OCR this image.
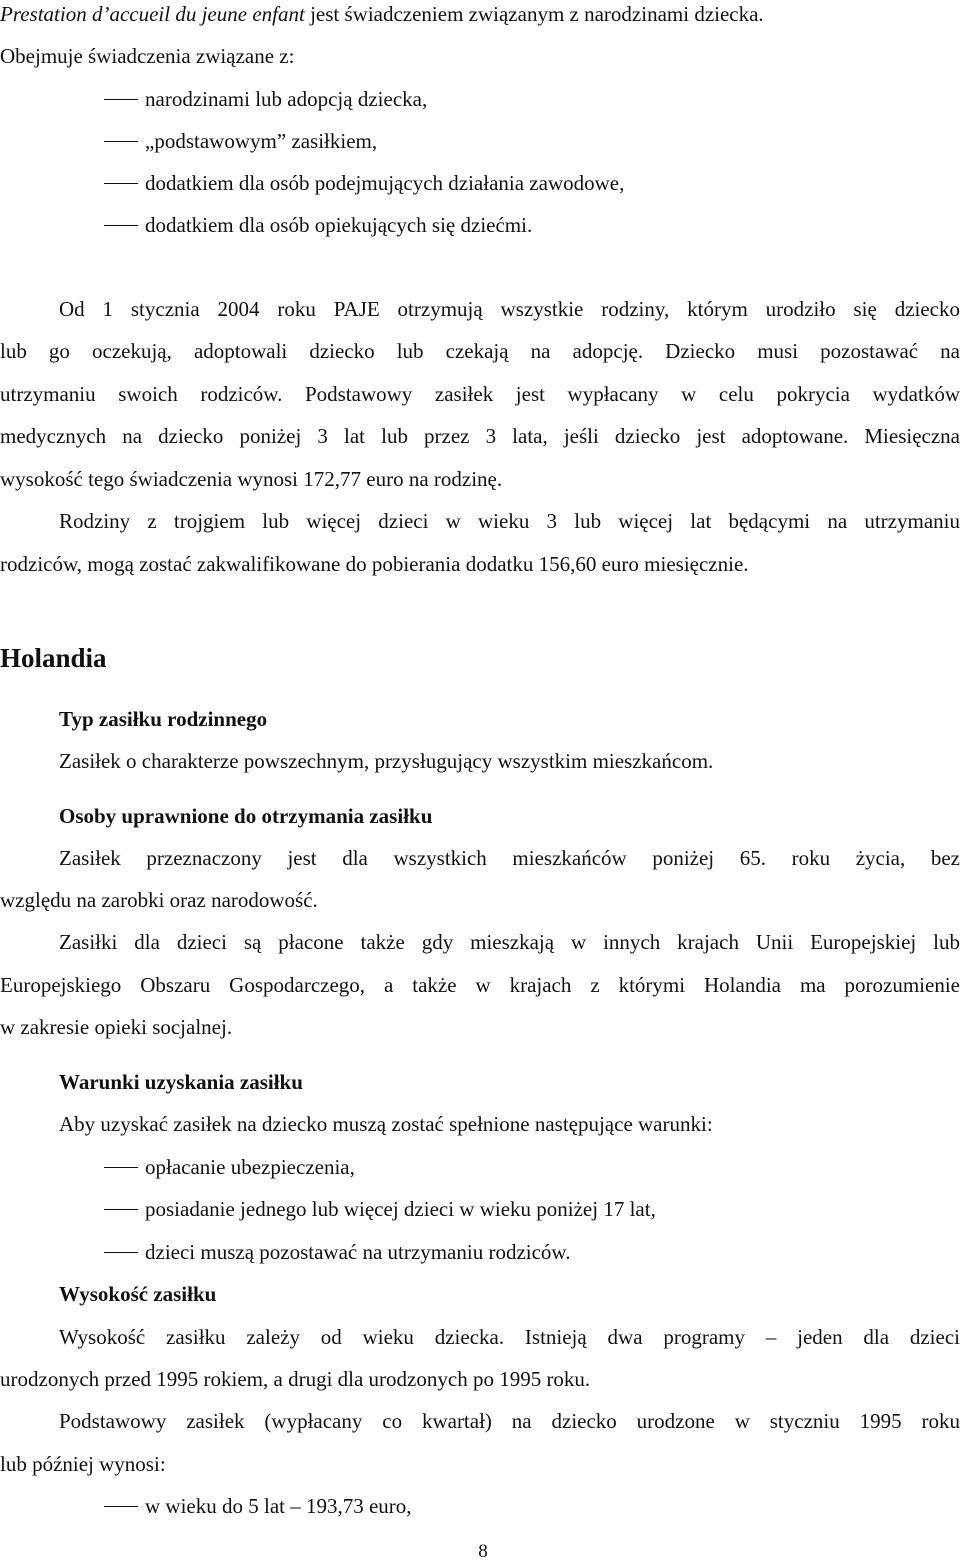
Prestation d’accueil du jeune enfant jest świadczeniem związanym z narodzinami dziecka.
Obejmuje świadczenia związane z:
narodzinami lub adopcją dziecka,
„podstawowym” zasiłkiem,
dodatkiem dla osób podejmujących działania zawodowe,
dodatkiem dla osób opiekujących się dziećmi.
Od 1 stycznia 2004 roku PAJE otrzymują wszystkie rodziny, którym urodziło się dziecko
lub go oczekują, adoptowali dziecko lub czekają na adopcję. Dziecko musi pozostawać na
utrzymaniu swoich rodziców. Podstawowy zasiłek jest wypłacany w celu pokrycia wydatków
medycznych na dziecko poniżej 3 lat lub przez 3 lata, jeśli dziecko jest adoptowane. Miesięczna
wysokość tego świadczenia wynosi 172,77 euro na rodzinę.
Rodziny z trojgiem lub więcej dzieci w wieku 3 lub więcej lat będącymi na utrzymaniu
rodziców, mogą zostać zakwalifikowane do pobierania dodatku 156,60 euro miesięcznie.
Holandia
Typ zasiłku rodzinnego
Zasiłek o charakterze powszechnym, przysługujący wszystkim mieszkańcom.
Osoby uprawnione do otrzymania zasiłku
Zasiłek przeznaczony jest dla wszystkich mieszkańców poniżej 65. roku życia, bez
względu na zarobki oraz narodowość.
Zasiłki dla dzieci są płacone także gdy mieszkają w innych krajach Unii Europejskiej lub
Europejskiego Obszaru Gospodarczego, a także w krajach z którymi Holandia ma porozumienie
w zakresie opieki socjalnej.
Warunki uzyskania zasiłku
Aby uzyskać zasiłek na dziecko muszą zostać spełnione następujące warunki:
opłacanie ubezpieczenia,
posiadanie jednego lub więcej dzieci w wieku poniżej 17 lat,
dzieci muszą pozostawać na utrzymaniu rodziców.
Wysokość zasiłku
Wysokość zasiłku zależy od wieku dziecka. Istnieją dwa programy – jeden dla dzieci
urodzonych przed 1995 rokiem, a drugi dla urodzonych po 1995 roku.
Podstawowy zasiłek (wypłacany co kwartał) na dziecko urodzone w styczniu 1995 roku
lub później wynosi:
w wieku do 5 lat – 193,73 euro,
8
